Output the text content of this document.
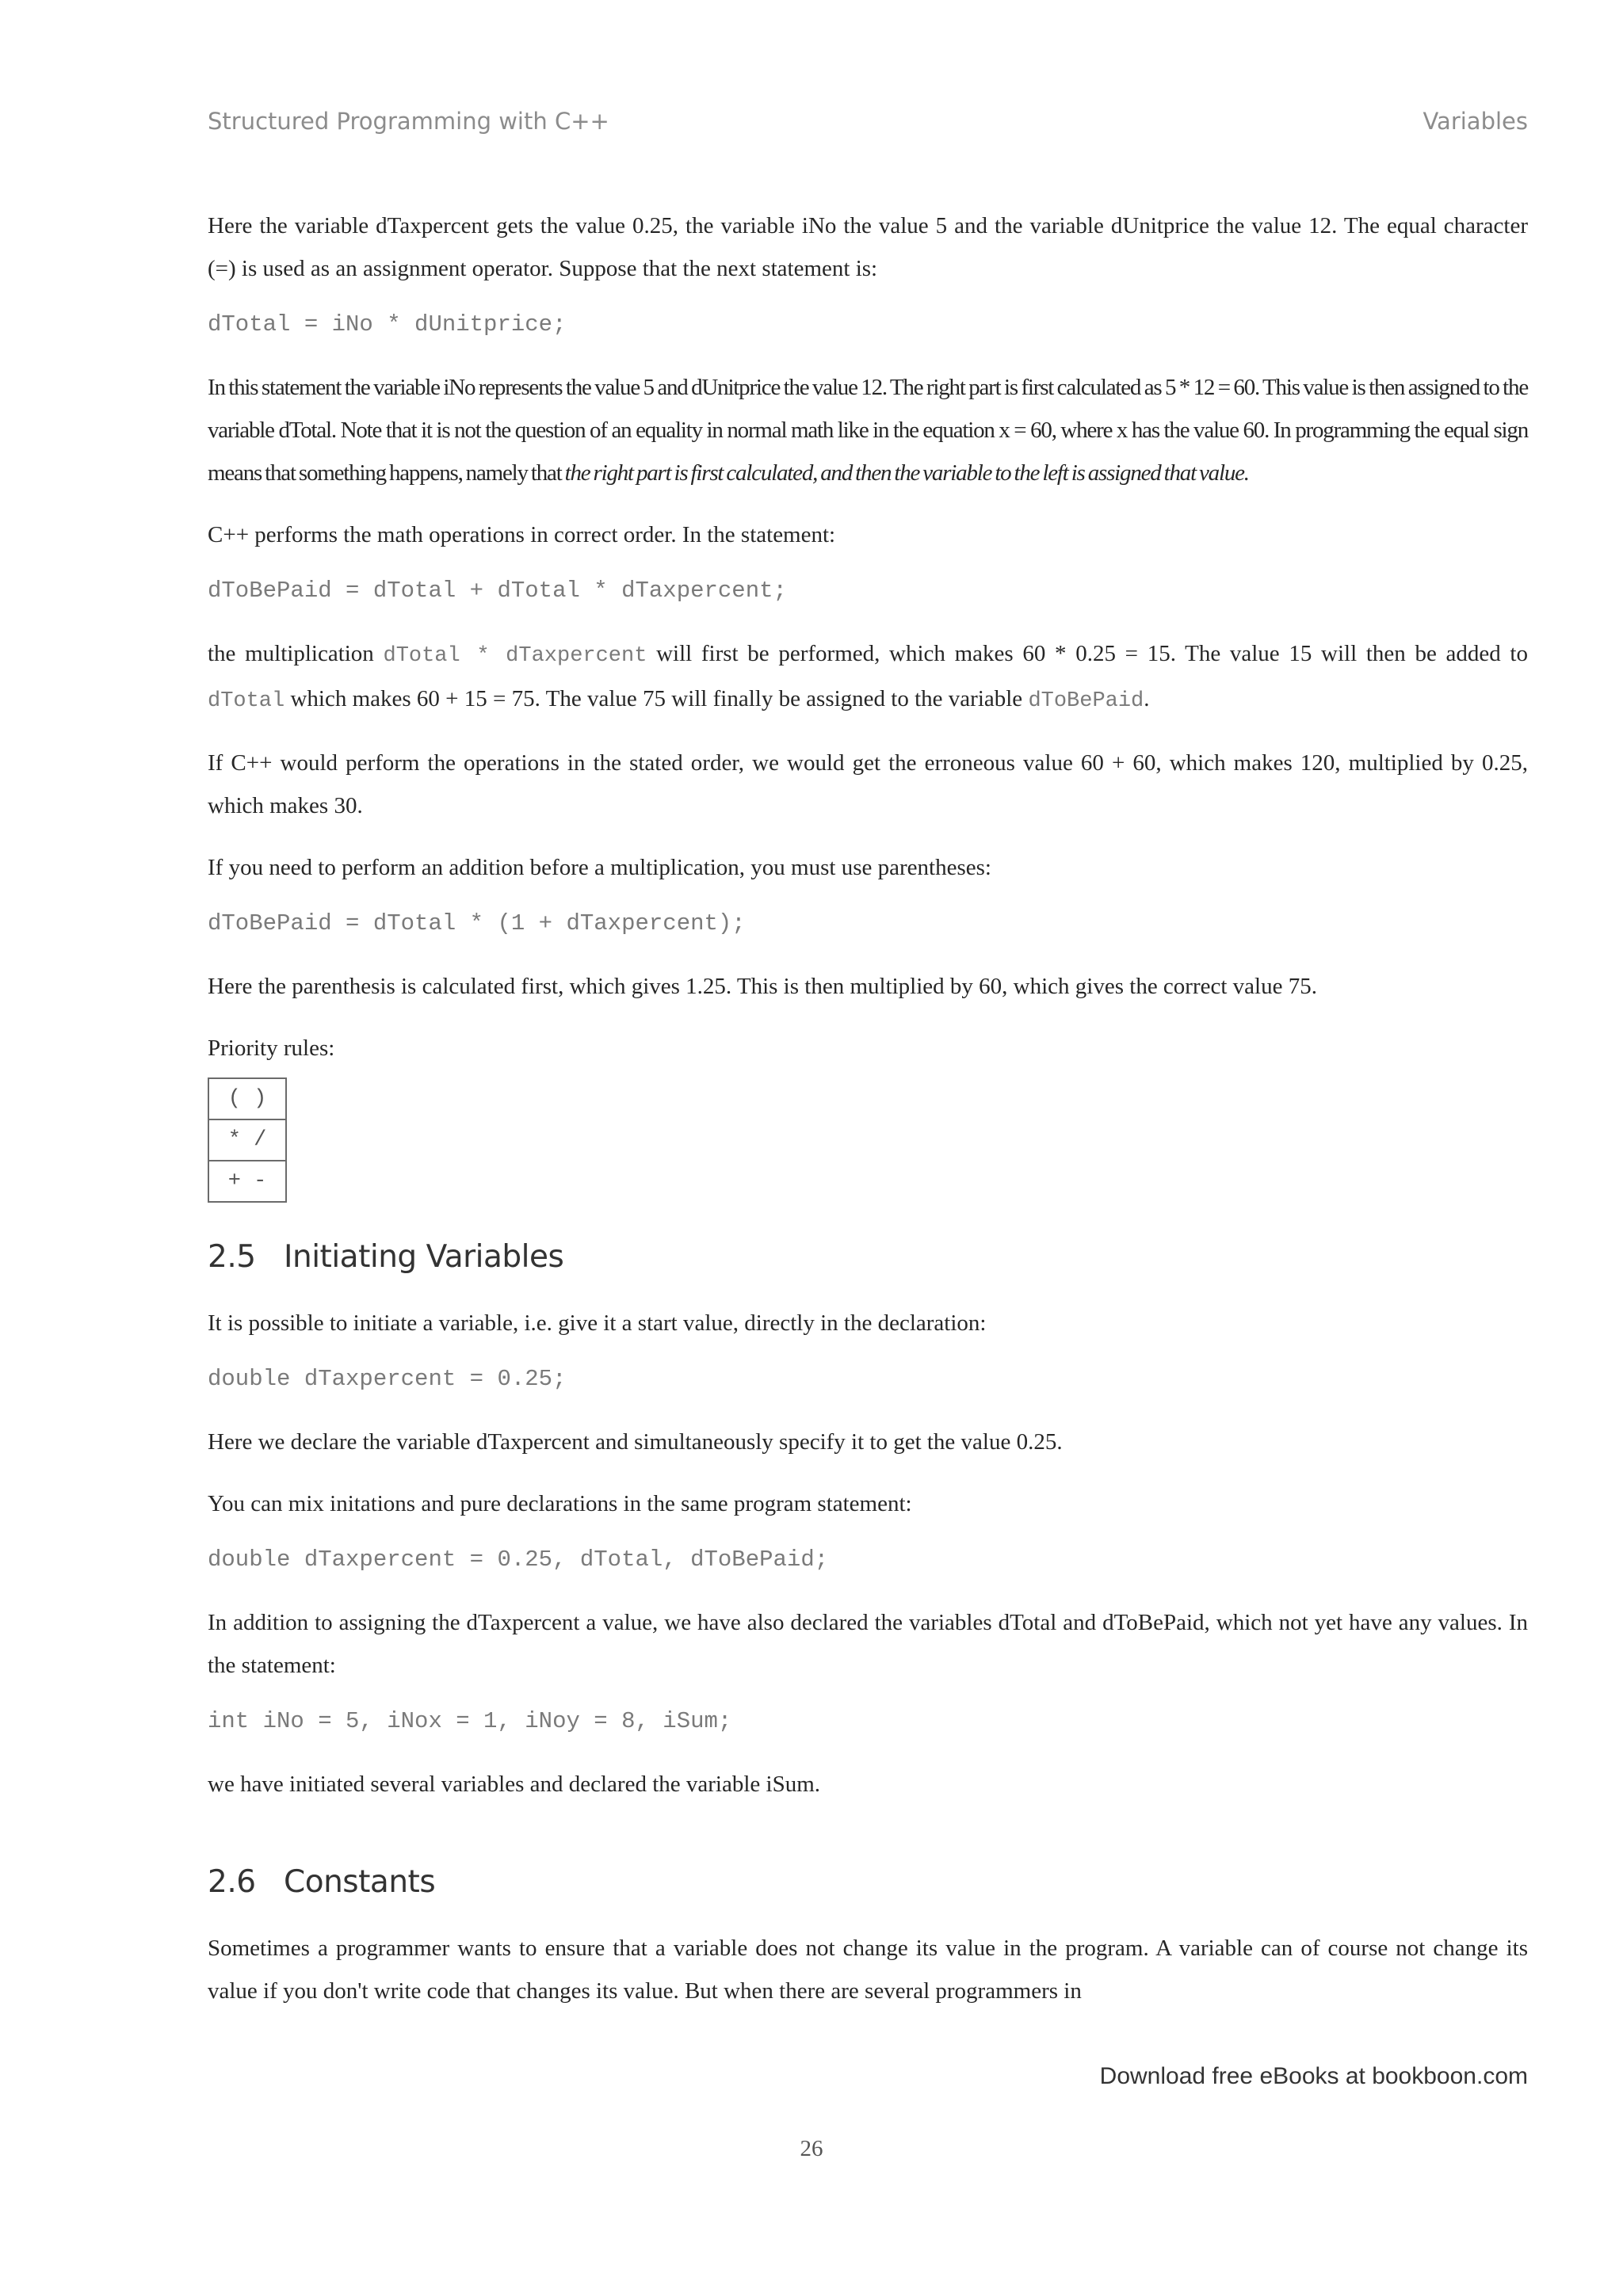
Structured Programming with C++	Variables

Here the variable dTaxpercent gets the value 0.25, the variable iNo the value 5 and the variable dUnitprice the value 12. The equal character (=) is used as an assignment operator. Suppose that the next statement is:

dTotal = iNo * dUnitprice;

In this statement the variable iNo represents the value 5 and dUnitprice the value 12. The right part is first calculated as 5 * 12 = 60. This value is then assigned to the variable dTotal. Note that it is not the question of an equality in normal math like in the equation x = 60, where x has the value 60. In programming the equal sign means that something happens, namely that the right part is first calculated, and then the variable to the left is assigned that value.

C++ performs the math operations in correct order. In the statement:

dToBePaid = dTotal + dTotal * dTaxpercent;

the multiplication dTotal * dTaxpercent will first be performed, which makes 60 * 0.25 = 15. The value 15 will then be added to dTotal which makes 60 + 15 = 75. The value 75 will finally be assigned to the variable dToBePaid.

If C++ would perform the operations in the stated order, we would get the erroneous value 60 + 60, which makes 120, multiplied by 0.25, which makes 30.

If you need to perform an addition before a multiplication, you must use parentheses:

dToBePaid = dTotal * (1 + dTaxpercent);

Here the parenthesis is calculated first, which gives 1.25. This is then multiplied by 60, which gives the correct value 75.

Priority rules:

( )
* /
+ -
2.5 Initiating Variables

It is possible to initiate a variable, i.e. give it a start value, directly in the declaration:

double dTaxpercent = 0.25;

Here we declare the variable dTaxpercent and simultaneously specify it to get the value 0.25.

You can mix initations and pure declarations in the same program statement:

double dTaxpercent = 0.25, dTotal, dToBePaid;

In addition to assigning the dTaxpercent a value, we have also declared the variables dTotal and dToBePaid, which not yet have any values. In the statement:

int iNo = 5, iNox = 1, iNoy = 8, iSum;

we have initiated several variables and declared the variable iSum.

2.6 Constants

Sometimes a programmer wants to ensure that a variable does not change its value in the program. A variable can of course not change its value if you don't write code that changes its value. But when there are several programmers in

Download free eBooks at bookboon.com
26
